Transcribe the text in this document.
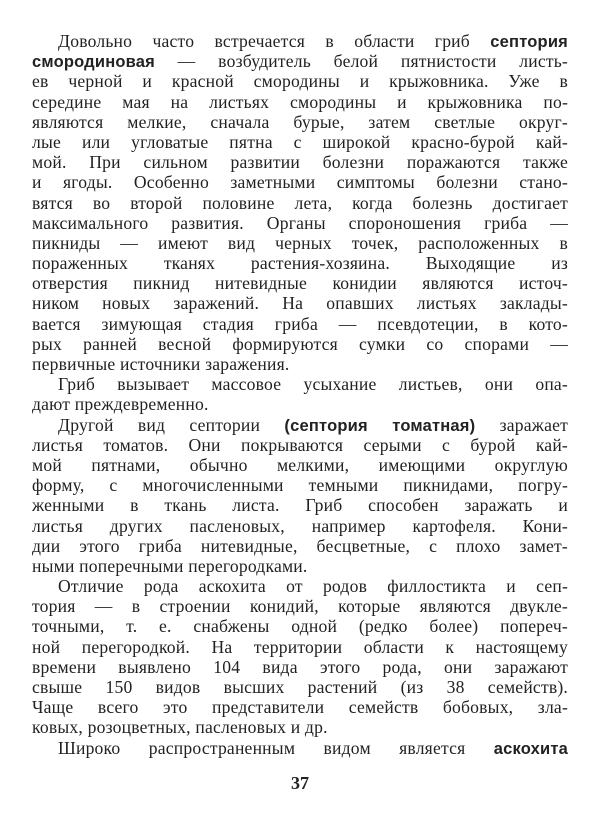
Довольно часто встречается в области гриб септория
смородиновая — возбудитель белой пятнистости листь-
ев черной и красной смородины и крыжовника. Уже в
середине мая на листьях смородины и крыжовника по-
являются мелкие, сначала бурые, затем светлые округ-
лые или угловатые пятна с широкой красно-бурой кай-
мой. При сильном развитии болезни поражаются также
и ягоды. Особенно заметными симптомы болезни стано-
вятся во второй половине лета, когда болезнь достигает
максимального развития. Органы спороношения гриба —
пикниды — имеют вид черных точек, расположенных в
пораженных тканях растения-хозяина. Выходящие из
отверстия пикнид нитевидные конидии являются источ-
ником новых заражений. На опавших листьях заклады-
вается зимующая стадия гриба — псевдотеции, в кото-
рых ранней весной формируются сумки со спорами —
первичные источники заражения.
Гриб вызывает массовое усыхание листьев, они опа-
дают преждевременно.
Другой вид септории (септория томатная) заражает
листья томатов. Они покрываются серыми с бурой кай-
мой пятнами, обычно мелкими, имеющими округлую
форму, с многочисленными темными пикнидами, погру-
женными в ткань листа. Гриб способен заражать и
листья других пасленовых, например картофеля. Кони-
дии этого гриба нитевидные, бесцветные, с плохо замет-
ными поперечными перегородками.
Отличие рода аскохита от родов филлостикта и сеп-
тория — в строении конидий, которые являются двукле-
точными, т. е. снабжены одной (редко более) попереч-
ной перегородкой. На территории области к настоящему
времени выявлено 104 вида этого рода, они заражают
свыше 150 видов высших растений (из 38 семейств).
Чаще всего это представители семейств бобовых, зла-
ковых, розоцветных, пасленовых и др.
Широко распространенным видом является аскохита
37
